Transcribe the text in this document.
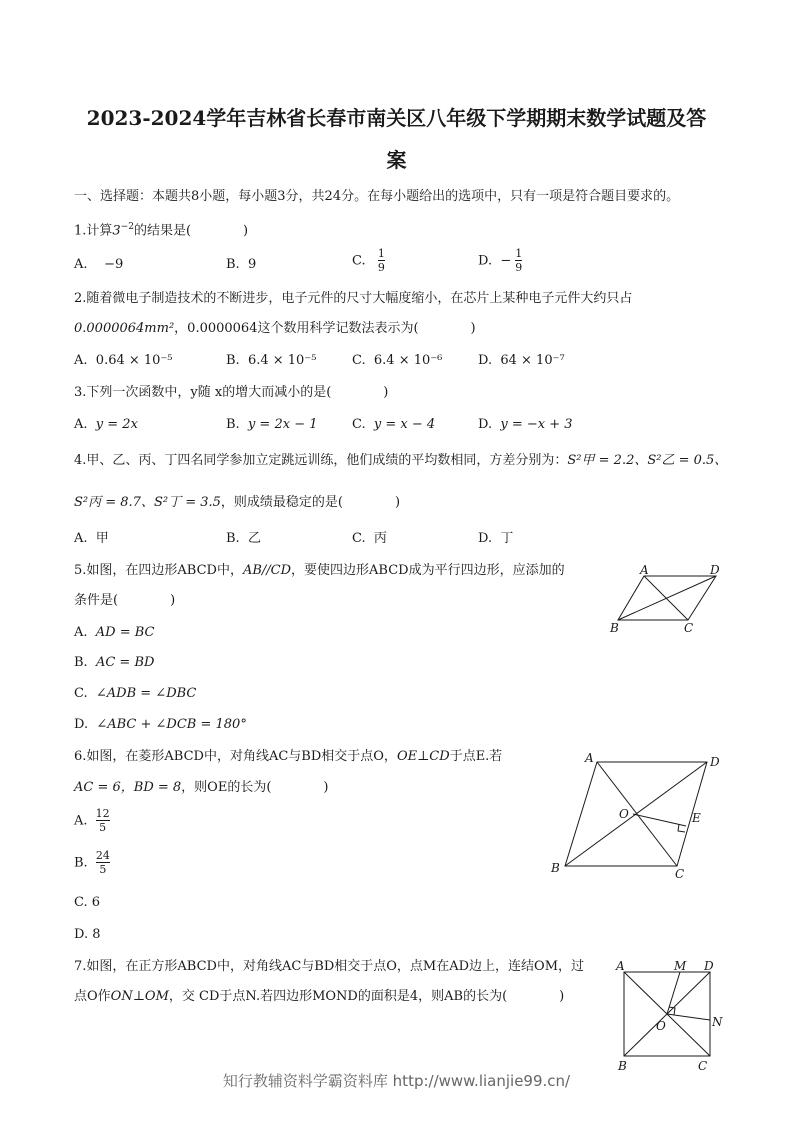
2023-2024学年吉林省长春市南关区八年级下学期期末数学试题及答
案
一、选择题：本题共8小题，每小题3分，共24分。在每小题给出的选项中，只有一项是符合题目要求的。
1.计算$3^{-2}$的结果是(　　　　)
A. −9	B. 9	C. $\frac{1}{9}$	D. − $\frac{1}{9}$
2.随着微电子制造技术的不断进步，电子元件的尺寸大幅度缩小，在芯片上某种电子元件大约只占
0.0000064mm²，0.0000064这个数用科学记数法表示为(　　　　)
A. 0.64 × 10⁻⁵	B. 6.4 × 10⁻⁵	C. 6.4 × 10⁻⁶	D. 64 × 10⁻⁷
3.下列一次函数中，y随 x的增大而减小的是(　　　　)
A. y = 2x	B. y = 2x − 1	C. y = x − 4	D. y = −x + 3
4.甲、乙、丙、丁四名同学参加立定跳远训练，他们成绩的平均数相同，方差分别为：S²甲 = 2.2、S²乙 = 0.5、
S²丙 = 8.7、S²丁 = 3.5，则成绩最稳定的是(　　　　)
A. 甲	B. 乙	C. 丙	D. 丁
5.如图，在四边形ABCD中，AB//CD，要使四边形ABCD成为平行四边形，应添加的
条件是(　　　　)
A. AD = BC
B. AC = BD
C. ∠ADB = ∠DBC
D. ∠ABC + ∠DCB = 180°
A	D
B	C
6.如图，在菱形ABCD中，对角线AC与BD相交于点O，OE⊥CD于点E.若
AC = 6，BD = 8，则OE的长为(　　　　)
A. $\frac{12}{5}$
B. $\frac{24}{5}$
C. 6
D. 8
A	D
O	E
B	C
7.如图，在正方形ABCD中，对角线AC与BD相交于点O，点M在AD边上，连结OM，过
点O作ON⊥OM，交 CD于点N.若四边形MOND的面积是4，则AB的长为(　　　　)
A	M D
O	N
B	C
知行教辅资料学霸资料库 http://www.lianjie99.cn/
